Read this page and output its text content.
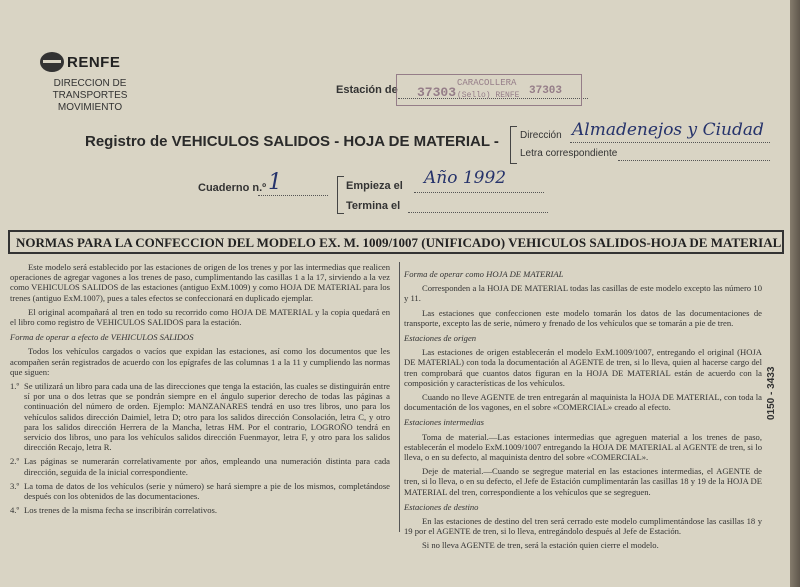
RENFE
DIRECCION DE TRANSPORTES
MOVIMIENTO
Estación de 37303
CARACOLLERA
(Sello) RENFE 37303
Registro de VEHICULOS SALIDOS - HOJA DE MATERIAL - Dirección Almadenejos y Ciudad
Letra correspondiente
Cuaderno n.º 1	Empieza el Año 1992
Termina el
NORMAS PARA LA CONFECCION DEL MODELO EX. M. 1009/1007 (UNIFICADO) VEHICULOS SALIDOS-HOJA DE MATERIAL

Este modelo será establecido por las estaciones de origen de los trenes y por las intermedias que realicen operaciones de agregar vagones a los trenes de paso, cumplimentando las casillas 1 a la 17, sirviendo a la vez como VEHICULOS SALIDOS de las estaciones (antiguo ExM.1009) y como HOJA DE MATERIAL para los trenes (antiguo ExM.1007), pues a tales efectos se confeccionará en duplicado ejemplar.

El original acompañará al tren en todo su recorrido como HOJA DE MATERIAL y la copia quedará en el libro como registro de VEHICULOS SALIDOS para la estación.

Forma de operar a efecto de VEHICULOS SALIDOS

Todos los vehículos cargados o vacíos que expidan las estaciones, así como los documentos que les acompañen serán registrados de acuerdo con los epígrafes de las columnas 1 a la 11 y cumpliendo las normas que siguen:

1.º Se utilizará un libro para cada una de las direcciones que tenga la estación, las cuales se distinguirán entre sí por una o dos letras que se pondrán siempre en el ángulo superior derecho de todas las páginas a continuación del número de orden. Ejemplo: MANZANARES tendrá en uso tres libros, uno para los vehículos salidos dirección Daimiel, letra D; otro para los salidos dirección Consolación, letra C, y otro para los salidos dirección Herrera de la Mancha, letras HM. Por el contrario, LOGROÑO tendrá en servicio dos libros, uno para los vehículos salidos dirección Fuenmayor, letra F, y otro para los salidos dirección Recajo, letra R.

2.º Las páginas se numerarán correlativamente por años, empleando una numeración distinta para cada dirección, seguida de la inicial correspondiente.

3.º La toma de datos de los vehículos (serie y número) se hará siempre a pie de los mismos, completándose después con los obtenidos de las documentaciones.

4.º Los trenes de la misma fecha se inscribirán correlativos.

Forma de operar como HOJA DE MATERIAL

Corresponden a la HOJA DE MATERIAL todas las casillas de este modelo excepto las número 10 y 11.

Las estaciones que confeccionen este modelo tomarán los datos de las documentaciones de transporte, excepto las de serie, número y frenado de los vehículos que se tomarán a pie de tren.

Estaciones de origen

Las estaciones de origen establecerán el modelo ExM.1009/1007, entregando el original (HOJA DE MATERIAL) con toda la documentación al AGENTE de tren, si lo lleva, quien al hacerse cargo del tren comprobará que cuantos datos figuran en la HOJA DE MATERIAL están de acuerdo con la composición y características de los vehículos.

Cuando no lleve AGENTE de tren entregarán al maquinista la HOJA DE MATERIAL, con toda la documentación de los vagones, en el sobre «COMERCIAL» creado al efecto.

Estaciones intermedias

Toma de material.—Las estaciones intermedias que agreguen material a los trenes de paso, establecerán el modelo ExM.1009/1007 entregando la HOJA DE MATERIAL al AGENTE de tren, si lo lleva, o en su defecto, al maquinista dentro del sobre «COMERCIAL».

Deje de material.—Cuando se segregue material en las estaciones intermedias, el AGENTE de tren, si lo lleva, o en su defecto, el Jefe de Estación cumplimentarán las casillas 18 y 19 de la HOJA DE MATERIAL del tren, correspondiente a los vehículos que se segreguen.

Estaciones de destino

En las estaciones de destino del tren será cerrado este modelo cumplimentándose las casillas 18 y 19 por el AGENTE de tren, si lo lleva, entregándolo después al Jefe de Estación.

Si no lleva AGENTE de tren, será la estación quien cierre el modelo.

0150 - 3433
